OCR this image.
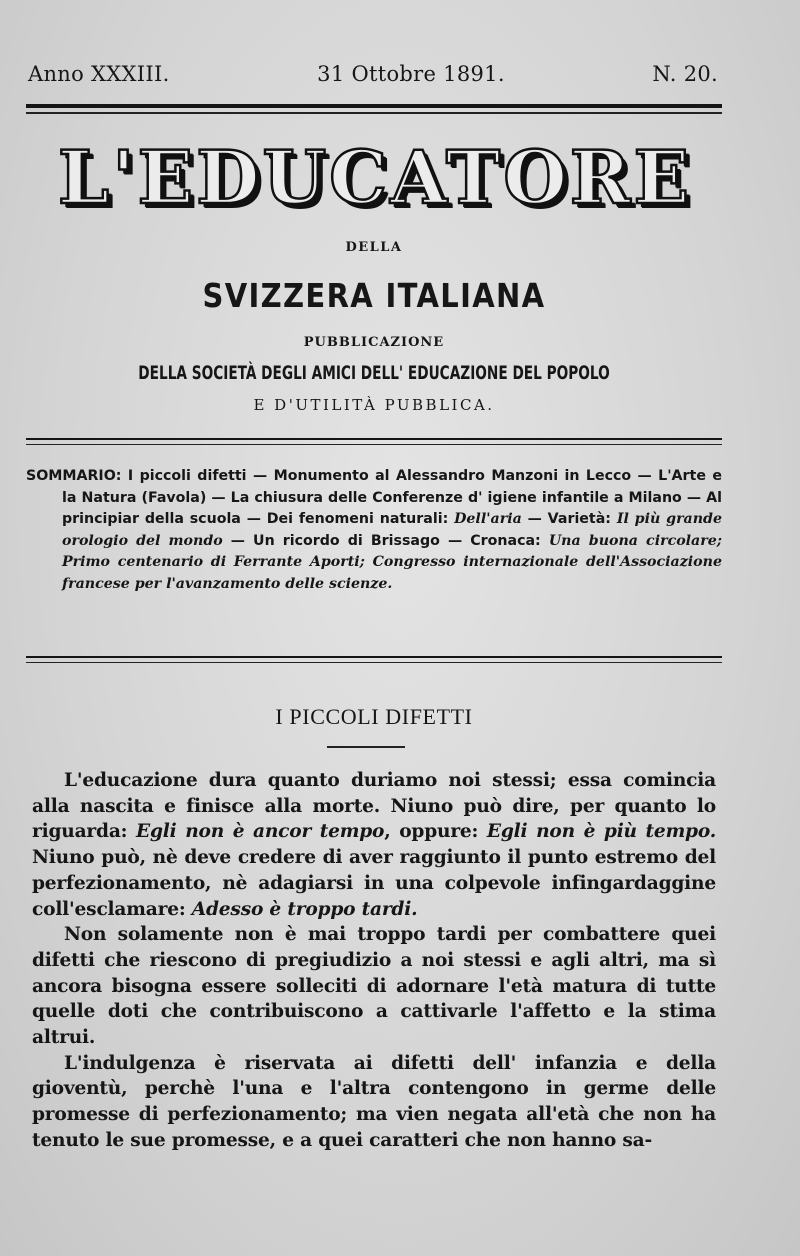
Anno XXXIII.	31 Ottobre 1891.	N. 20.
L'EDUCATORE
DELLA
SVIZZERA ITALIANA
PUBBLICAZIONE
DELLA SOCIETÀ DEGLI AMICI DELL' EDUCAZIONE DEL POPOLO
E D'UTILITÀ PUBBLICA.
SOMMARIO: I piccoli difetti — Monumento al Alessandro Manzoni in Lecco — L'Arte e la Natura (Favola) — La chiusura delle Conferenze d' igiene infantile a Milano — Al principiar della scuola — Dei fenomeni naturali: Dell'aria — Varietà: Il più grande orologio del mondo — Un ricordo di Brissago — Cronaca: Una buona circolare; Primo centenario di Ferrante Aporti; Congresso internazionale dell'Associazione francese per l'avanzamento delle scienze.
I PICCOLI DIFETTI

L'educazione dura quanto duriamo noi stessi; essa comincia alla nascita e finisce alla morte. Niuno può dire, per quanto lo riguarda: Egli non è ancor tempo, oppure: Egli non è più tempo. Niuno può, nè deve credere di aver raggiunto il punto estremo del perfezionamento, nè adagiarsi in una colpevole infingardaggine coll'esclamare: Adesso è troppo tardi.

Non solamente non è mai troppo tardi per combattere quei difetti che riescono di pregiudizio a noi stessi e agli altri, ma sì ancora bisogna essere solleciti di adornare l'età matura di tutte quelle doti che contribuiscono a cattivarle l'affetto e la stima altrui.

L'indulgenza è riservata ai difetti dell' infanzia e della gioventù, perchè l'una e l'altra contengono in germe delle promesse di perfezionamento; ma vien negata all'età che non ha tenuto le sue promesse, e a quei caratteri che non hanno sa-
